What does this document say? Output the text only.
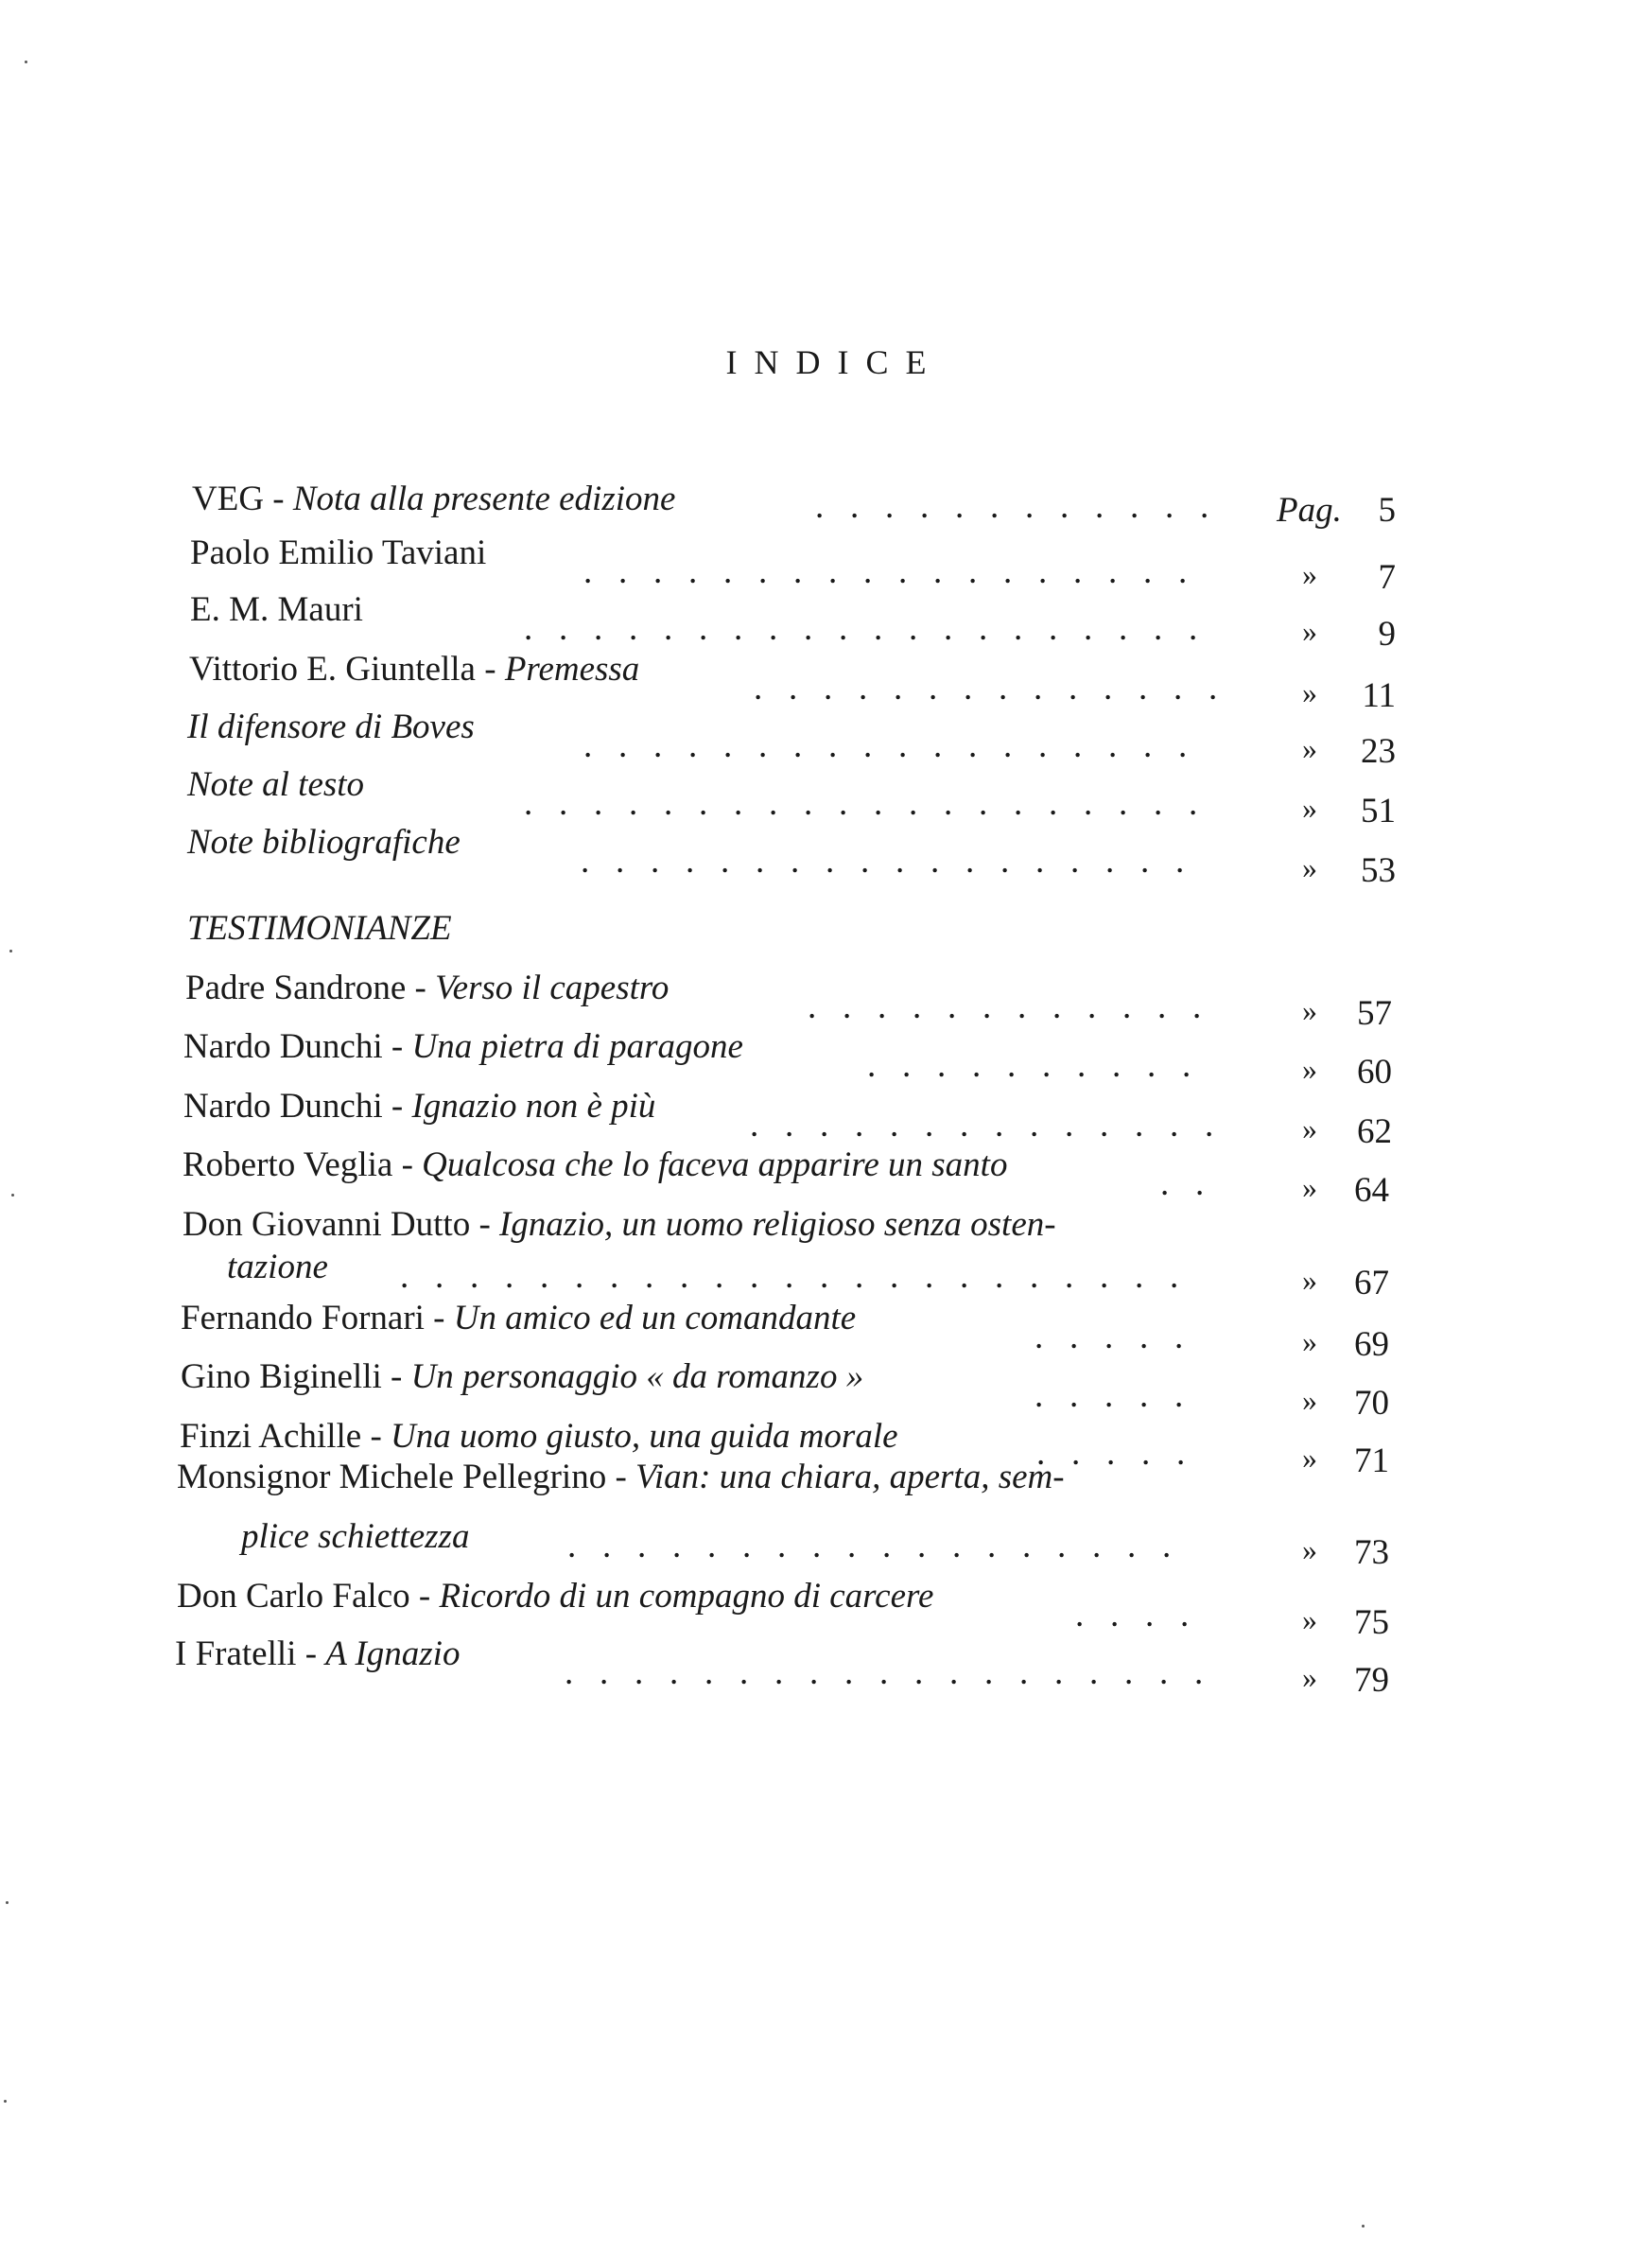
INDICE
VEG - Nota alla presente edizione	.   .   .   .   .   .   .   .   .   .   .   . Pag.	5
Paolo Emilio Taviani	.   .   .   .   .   .   .   .   .   .   .   .   .   .   .   .   .   .	»	7
E. M. Mauri	.   .   .   .   .   .   .   .   .   .   .   .   .   .   .   .   .   .   .   .	»	9
Vittorio E. Giuntella - Premessa	.   .   .   .   .   .   .   .   .   .   .   .   .   .	»	11
Il difensore di Boves	.   .   .   .   .   .   .   .   .   .   .   .   .   .   .   .   .   .	»	23
Note al testo	.   .   .   .   .   .   .   .   .   .   .   .   .   .   .   .   .   .   .   .	»	51
Note bibliografiche	.   .   .   .   .   .   .   .   .   .   .   .   .   .   .   .   .   .	»	53
TESTIMONIANZE
Padre Sandrone - Verso il capestro	.   .   .   .   .   .   .   .   .   .   .   .	»	57
Nardo Dunchi - Una pietra di paragone	.   .   .   .   .   .   .   .   .   .	»	60
Nardo Dunchi - Ignazio non è più	.   .   .   .   .   .   .   .   .   .   .   .   .   .	»	62
Roberto Veglia - Qualcosa che lo faceva apparire un santo	.   .	»	64
Don Giovanni Dutto - Ignazio, un uomo religioso senza osten-
tazione .   .   .   .   .   .   .   .   .   .   .   .   .   .   .   .   .   .   .   .   .   .   .	»	67
Fernando Fornari - Un amico ed un comandante	.   .   .   .   .	»	69
Gino Biginelli - Un personaggio « da romanzo »	.   .   .   .   .	»	70
Finzi Achille - Una uomo giusto, una guida morale	.   .   .   .   .	»	71
Monsignor Michele Pellegrino - Vian: una chiara, aperta, sem-
plice schiettezza	.   .   .   .   .   .   .   .   .   .   .   .   .   .   .   .   .   .	»	73
Don Carlo Falco - Ricordo di un compagno di carcere	.   .   .   .	»	75
I Fratelli - A Ignazio	.   .   .   .   .   .   .   .   .   .   .   .   .   .   .   .   .   .   .	»	79
